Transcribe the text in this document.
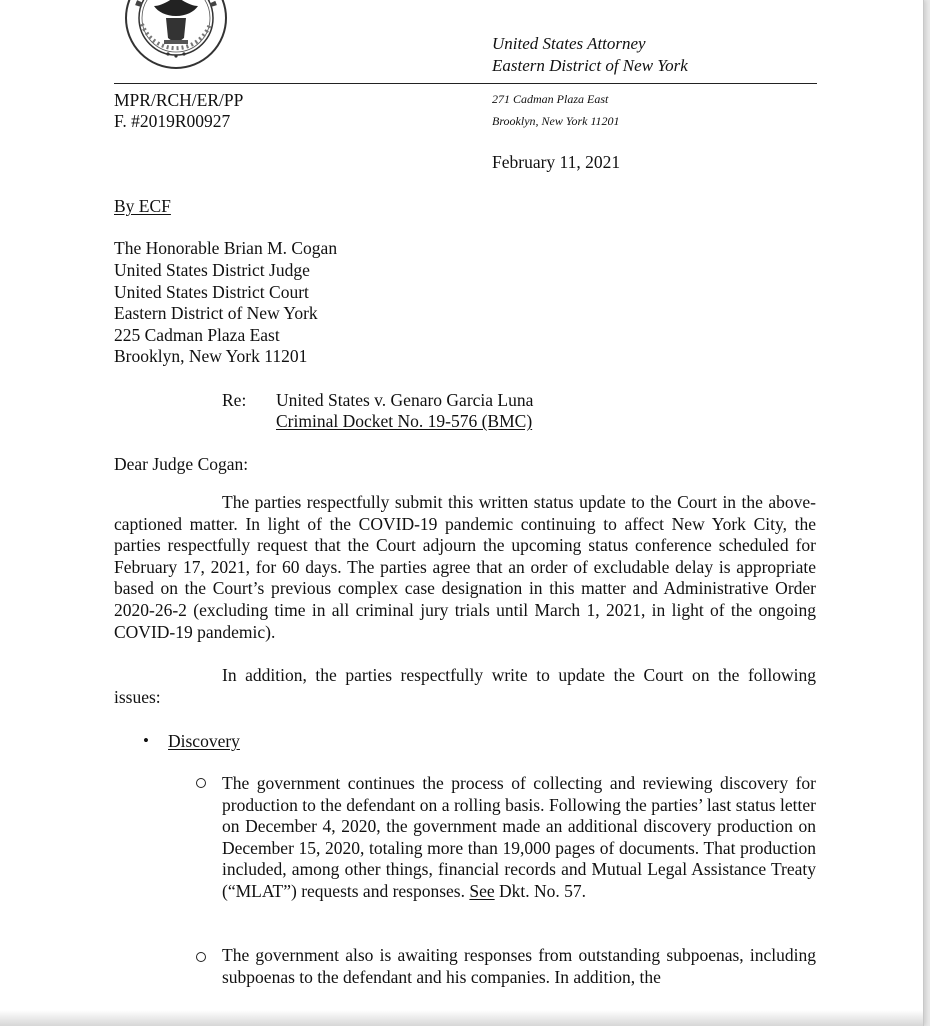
United States Attorney
Eastern District of New York
MPR/RCH/ER/PP
F. #2019R00927
271 Cadman Plaza East
Brooklyn, New York 11201
February 11, 2021
By ECF
The Honorable Brian M. Cogan
United States District Judge
United States District Court
Eastern District of New York
225 Cadman Plaza East
Brooklyn, New York 11201
Re: United States v. Genaro Garcia Luna
Criminal Docket No. 19-576 (BMC)
Dear Judge Cogan:

The parties respectfully submit this written status update to the Court in the above-captioned matter. In light of the COVID-19 pandemic continuing to affect New York City, the parties respectfully request that the Court adjourn the upcoming status conference scheduled for February 17, 2021, for 60 days. The parties agree that an order of excludable delay is appropriate based on the Court’s previous complex case designation in this matter and Administrative Order 2020-26-2 (excluding time in all criminal jury trials until March 1, 2021, in light of the ongoing COVID-19 pandemic).

In addition, the parties respectfully write to update the Court on the following issues:

• Discovery

The government continues the process of collecting and reviewing discovery for production to the defendant on a rolling basis. Following the parties’ last status letter on December 4, 2020, the government made an additional discovery production on December 15, 2020, totaling more than 19,000 pages of documents. That production included, among other things, financial records and Mutual Legal Assistance Treaty (“MLAT”) requests and responses. See Dkt. No. 57.

The government also is awaiting responses from outstanding subpoenas, including subpoenas to the defendant and his companies. In addition, the
